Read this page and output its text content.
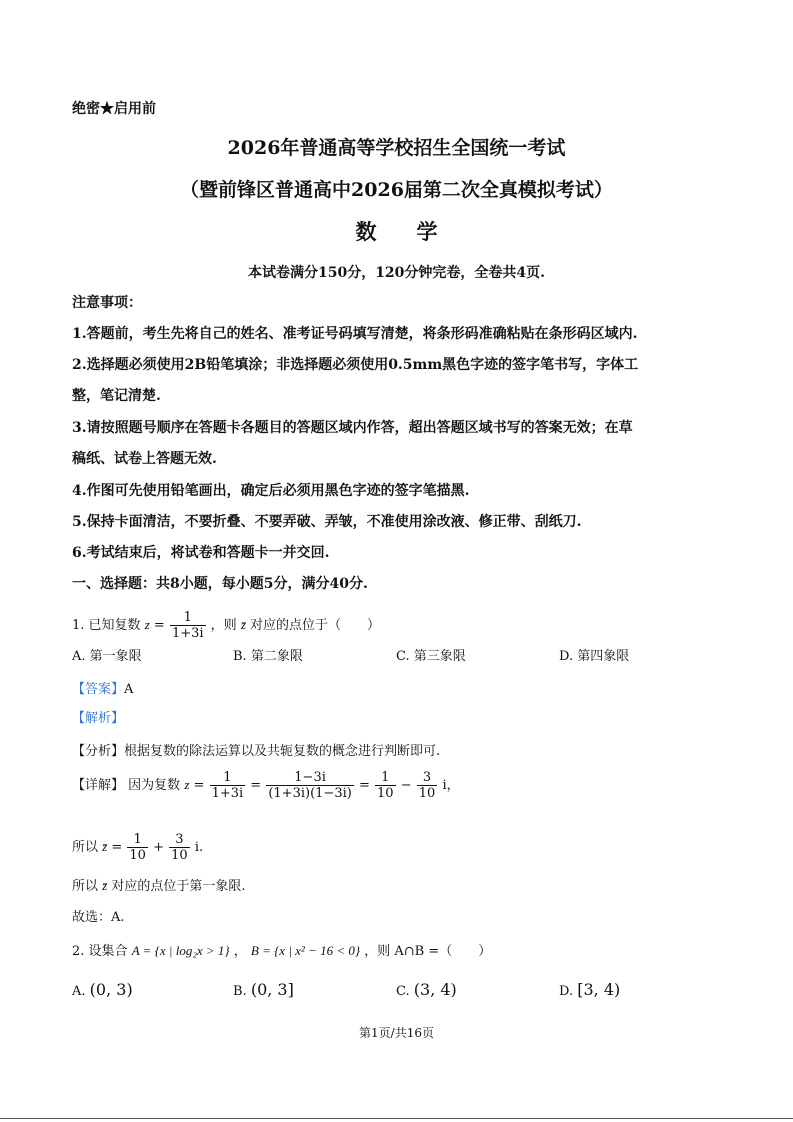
绝密★启用前
2026年普通高等学校招生全国统一考试
（暨前锋区普通高中2026届第二次全真模拟考试）
数学
本试卷满分150分，120分钟完卷，全卷共4页.
注意事项：
1.答题前，考生先将自己的姓名、准考证号码填写清楚，将条形码准确粘贴在条形码区域内.
2.选择题必须使用2B铅笔填涂；非选择题必须使用0.5mm黑色字迹的签字笔书写，字体工
整，笔记清楚.
3.请按照题号顺序在答题卡各题目的答题区域内作答，超出答题区域书写的答案无效；在草
稿纸、试卷上答题无效.
4.作图可先使用铅笔画出，确定后必须用黑色字迹的签字笔描黑.
5.保持卡面清洁，不要折叠、不要弄破、弄皱，不准使用涂改液、修正带、刮纸刀.
6.考试结束后，将试卷和答题卡一并交回.
一、选择题：共8小题，每小题5分，满分40分.
1. 已知复数 $z = \frac{1}{1+3i}$ ，则 z̄ 对应的点位于（　　）
A. 第一象限	B. 第二象限	C. 第三象限	D. 第四象限
【答案】A
【解析】
【分析】根据复数的除法运算以及共轭复数的概念进行判断即可.
【详解】 因为复数 $z = \frac{1}{1+3i} = \frac{1-3i}{(1+3i)(1-3i)} = \frac{1}{10} - \frac{3}{10}$ i，
所以 z̄ = $\frac{1}{10} + \frac{3}{10} i$.
所以 z̄ 对应的点位于第一象限.
故选：A.
2. 设集合 A = {x | log₂x > 1} ， B = {x | x² − 16 < 0} ，则 A∩B =（　　）
A. (0, 3)	B. (0, 3]	C. (3, 4)	D. [3, 4)
第1页/共16页
